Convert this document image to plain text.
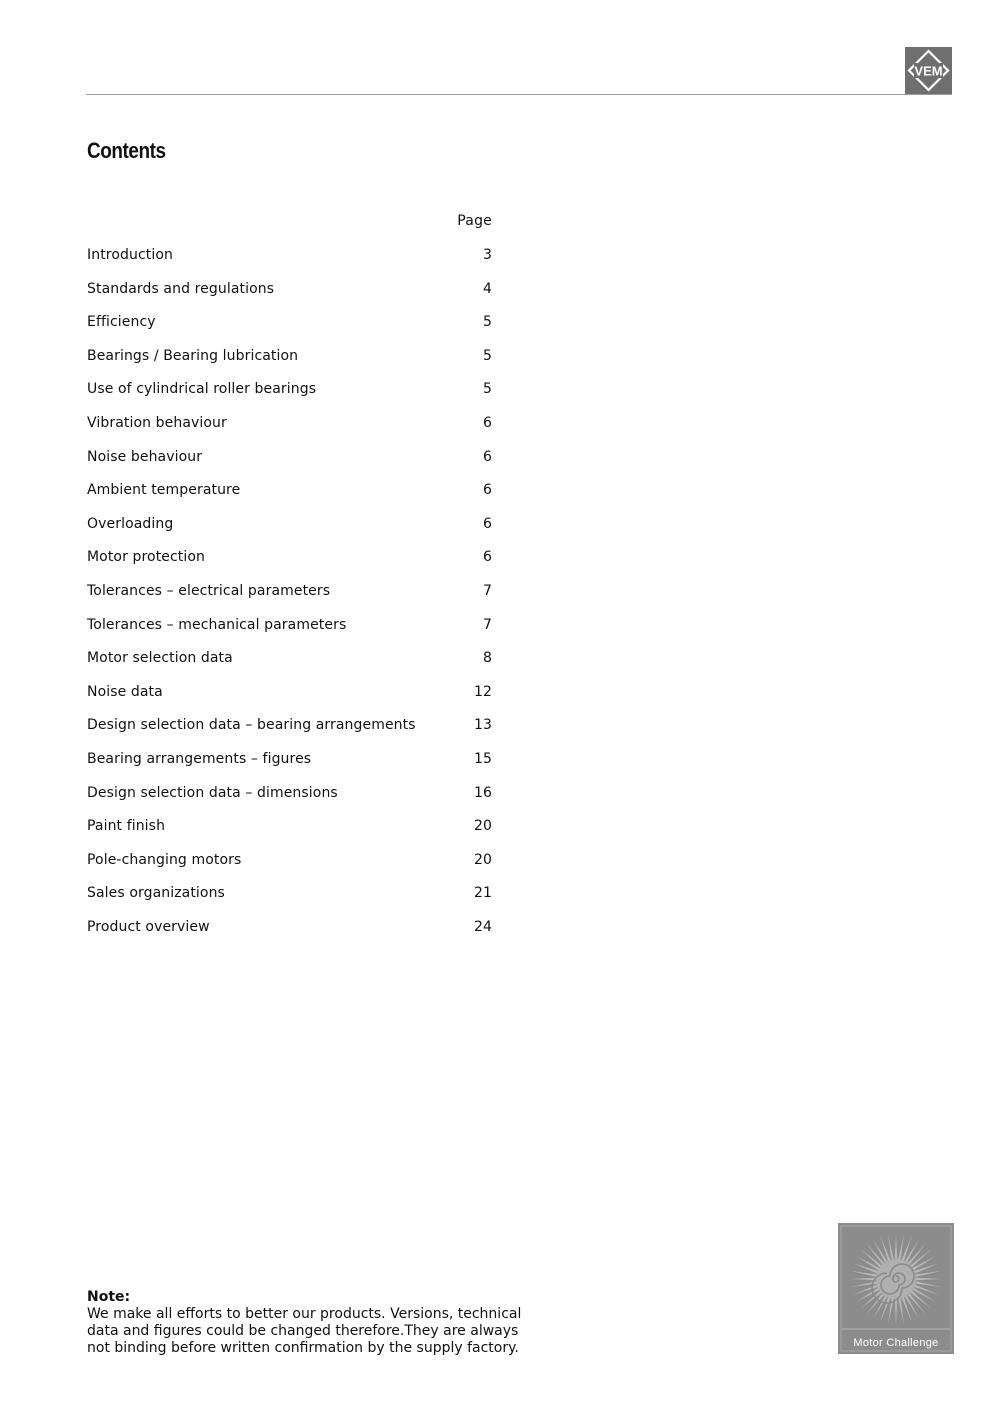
VEM
Contents
Page
Introduction	3
Standards and regulations	4
Efficiency	5
Bearings / Bearing lubrication	5
Use of cylindrical roller bearings	5
Vibration behaviour	6
Noise behaviour	6
Ambient temperature	6
Overloading	6
Motor protection	6
Tolerances – electrical parameters	7
Tolerances – mechanical parameters	7
Motor selection data	8
Noise data	12
Design selection data – bearing arrangements	13
Bearing arrangements – figures	15
Design selection data – dimensions	16
Paint finish	20
Pole-changing motors	20
Sales organizations	21
Product overview	24
Note:
We make all efforts to better our products. Versions, technical
data and figures could be changed therefore.They are always
not binding before written confirmation by the supply factory.	Motor Challenge
